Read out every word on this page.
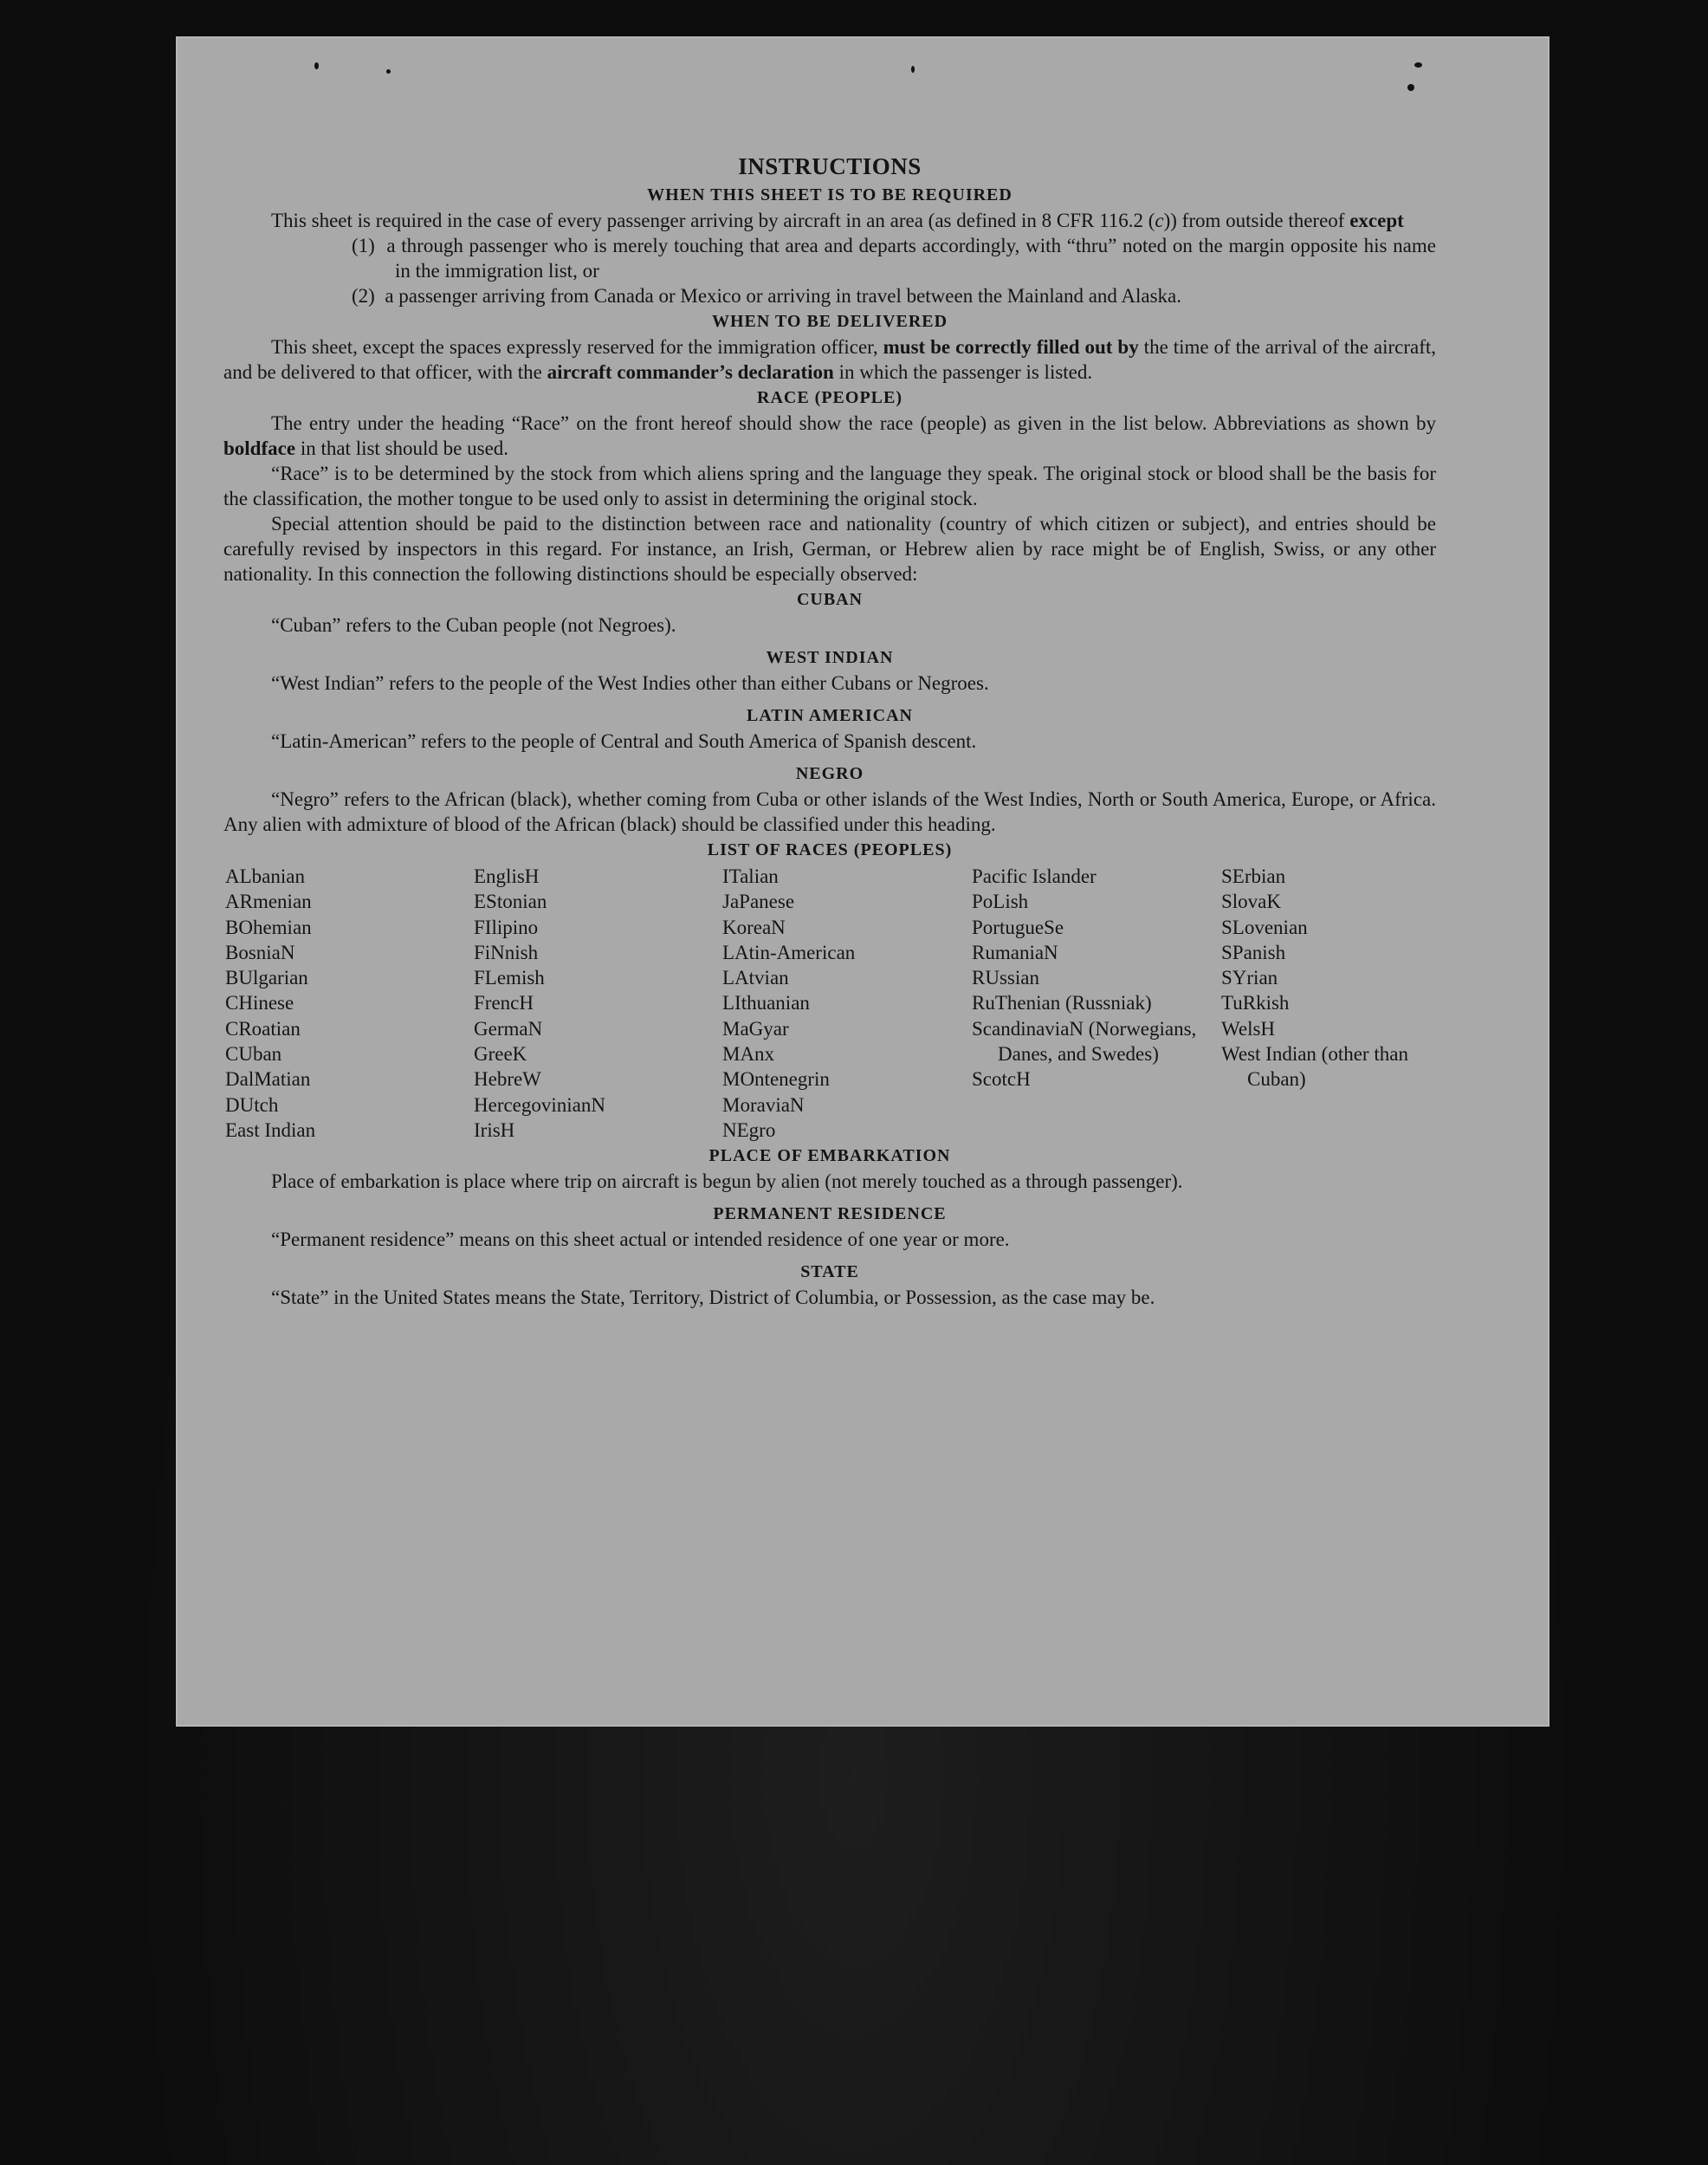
INSTRUCTIONS
WHEN THIS SHEET IS TO BE REQUIRED

This sheet is required in the case of every passenger arriving by aircraft in an area (as defined in 8 CFR 116.2 (c)) from outside thereof except

(1) a through passenger who is merely touching that area and departs accordingly, with “thru” noted on the margin opposite his name in the immigration list, or

(2) a passenger arriving from Canada or Mexico or arriving in travel between the Mainland and Alaska.

WHEN TO BE DELIVERED

This sheet, except the spaces expressly reserved for the immigration officer, must be correctly filled out by the time of the arrival of the aircraft, and be delivered to that officer, with the aircraft commander’s declaration in which the passenger is listed.

RACE (PEOPLE)

The entry under the heading “Race” on the front hereof should show the race (people) as given in the list below. Abbreviations as shown by boldface in that list should be used.

“Race” is to be determined by the stock from which aliens spring and the language they speak. The original stock or blood shall be the basis for the classification, the mother tongue to be used only to assist in determining the original stock.

Special attention should be paid to the distinction between race and nationality (country of which citizen or subject), and entries should be carefully revised by inspectors in this regard. For instance, an Irish, German, or Hebrew alien by race might be of English, Swiss, or any other nationality. In this connection the following distinctions should be especially observed:

CUBAN

“Cuban” refers to the Cuban people (not Negroes).

WEST INDIAN

“West Indian” refers to the people of the West Indies other than either Cubans or Negroes.

LATIN AMERICAN

“Latin-American” refers to the people of Central and South America of Spanish descent.

NEGRO

“Negro” refers to the African (black), whether coming from Cuba or other islands of the West Indies, North or South America, Europe, or Africa. Any alien with admixture of blood of the African (black) should be classified under this heading.

LIST OF RACES (PEOPLES)
ALbanian
ARmenian
BOhemian
BosniaN
BUlgarian
CHinese
CRoatian
CUban
DalMatian
DUtch
East Indian
EnglisH
EStonian
FIlipino
FiNnish
FLemish
FrencH
GermaN
GreeK
HebreW
HercegovinianN
IrisH
ITalian
JaPanese
KoreaN
LAtin-American
LAtvian
LIthuanian
MaGyar
MAnx
MOntenegrin
MoraviaN
NEgro
Pacific Islander
PoLish
PortugueSe
RumaniaN
RUssian
RuThenian (Russniak)
ScandinaviaN (Norwegians, Danes, and Swedes)
ScotcH
SErbian
SlovaK
SLovenian
SPanish
SYrian
TuRkish
WelsH
West Indian (other than Cuban)
PLACE OF EMBARKATION

Place of embarkation is place where trip on aircraft is begun by alien (not merely touched as a through passenger).

PERMANENT RESIDENCE

“Permanent residence” means on this sheet actual or intended residence of one year or more.

STATE

“State” in the United States means the State, Territory, District of Columbia, or Possession, as the case may be.
